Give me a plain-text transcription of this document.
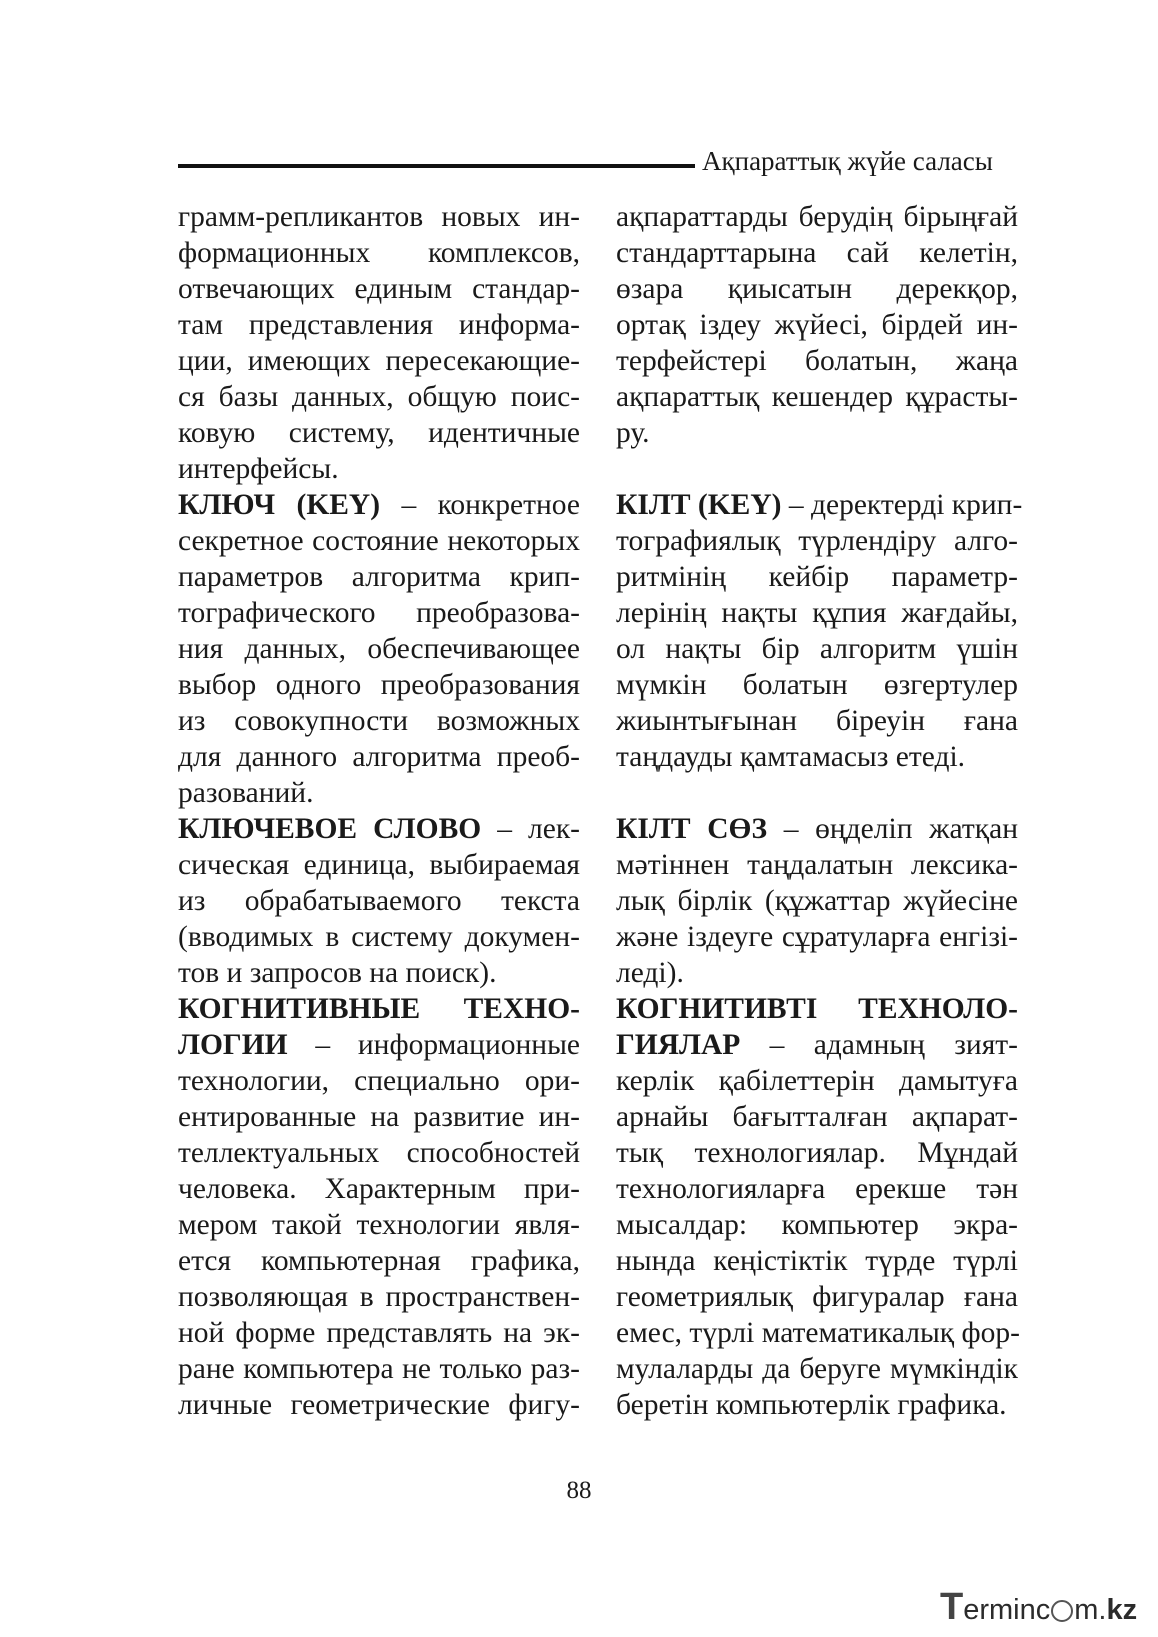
Ақпараттық жүйе саласы
грамм-репликантов новых ин-
формационных комплексов,
отвечающих единым стандар-
там представления информа-
ции, имеющих пересекающие-
ся базы данных, общую поис-
ковую систему, идентичные
интерфейсы.
КЛЮЧ (KEY) – конкретное
секретное состояние некоторых
параметров алгоритма крип-
тографического преобразова-
ния данных, обеспечивающее
выбор одного преобразования
из совокупности возможных
для данного алгоритма преоб-
разований.
КЛЮЧЕВОЕ СЛОВО – лек-
сическая единица, выбираемая
из обрабатываемого текста
(вводимых в систему докумен-
тов и запросов на поиск).
КОГНИТИВНЫЕ ТЕХНО-
ЛОГИИ – информационные
технологии, специально ори-
ентированные на развитие ин-
теллектуальных способностей
человека. Характерным при-
мером такой технологии явля-
ется компьютерная графика,
позволяющая в пространствен-
ной форме представлять на эк-
ране компьютера не только раз-
личные геометрические фигу-
ақпараттарды берудің бірыңғай
стандарттарына сай келетін,
өзара қиысатын дерекқор,
ортақ іздеу жүйесі, бірдей ин-
терфейстері болатын, жаңа
ақпараттық кешендер құрасты-
ру.
КІЛТ (KEY) – деректерді крип-
тографиялық түрлендіру алго-
ритмінің кейбір параметр-
лерінің нақты құпия жағдайы,
ол нақты бір алгоритм үшін
мүмкін болатын өзгертулер
жиынтығынан біреуін ғана
таңдауды қамтамасыз етеді.
КІЛТ СӨЗ – өңделіп жатқан
мәтіннен таңдалатын лексика-
лық бірлік (құжаттар жүйесіне
және іздеуге сұратуларға енгізі-
леді).
КОГНИТИВТІ ТЕХНОЛО-
ГИЯЛАР – адамның зият-
керлік қабілеттерін дамытуға
арнайы бағытталған ақпарат-
тық технологиялар. Мұндай
технологияларға ерекше тән
мысалдар: компьютер экра-
нында кеңістіктік түрде түрлі
геометриялық фигуралар ғана
емес, түрлі математикалық фор-
мулаларды да беруге мүмкіндік
беретін компьютерлік графика.
88
Terminc m.kz
